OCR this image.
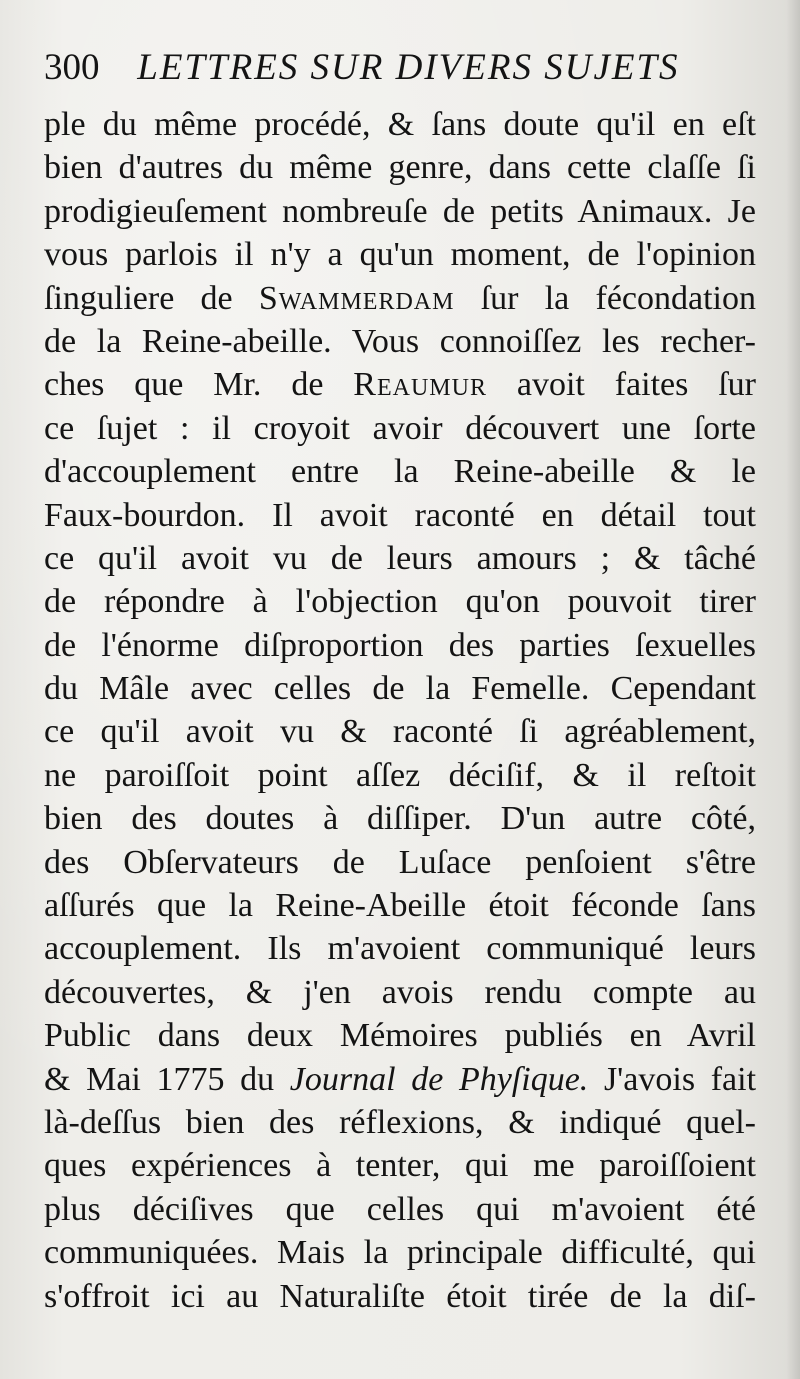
300 LETTRES SUR DIVERS SUJETS
ple du même procédé, & ſans doute qu'il en eſt
bien d'autres du même genre, dans cette claſſe ſi
prodigieuſement nombreuſe de petits Animaux. Je
vous parlois il n'y a qu'un moment, de l'opinion
ſinguliere de Swammerdam ſur la fécondation
de la Reine-abeille. Vous connoiſſez les recher-
ches que Mr. de Reaumur avoit faites ſur
ce ſujet : il croyoit avoir découvert une ſorte
d'accouplement entre la Reine-abeille & le
Faux-bourdon. Il avoit raconté en détail tout
ce qu'il avoit vu de leurs amours ; & tâché
de répondre à l'objection qu'on pouvoit tirer
de l'énorme diſproportion des parties ſexuelles
du Mâle avec celles de la Femelle. Cependant
ce qu'il avoit vu & raconté ſi agréablement,
ne paroiſſoit point aſſez déciſif, & il reſtoit
bien des doutes à diſſiper. D'un autre côté,
des Obſervateurs de Luſace penſoient s'être
aſſurés que la Reine-Abeille étoit féconde ſans
accouplement. Ils m'avoient communiqué leurs
découvertes, & j'en avois rendu compte au
Public dans deux Mémoires publiés en Avril
& Mai 1775 du Journal de Phyſique. J'avois fait
là-deſſus bien des réflexions, & indiqué quel-
ques expériences à tenter, qui me paroiſſoient
plus déciſives que celles qui m'avoient été
communiquées. Mais la principale difficulté, qui
s'offroit ici au Naturaliſte étoit tirée de la diſ-
